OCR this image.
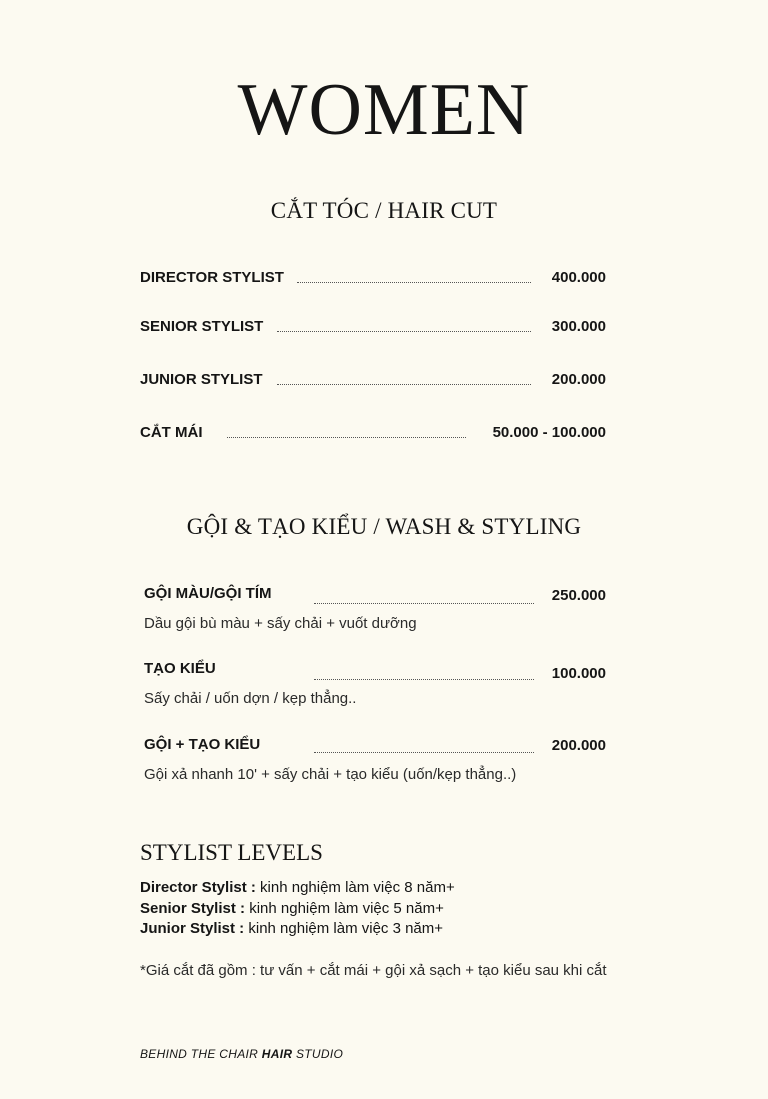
WOMEN
CẮT TÓC / HAIR CUT
DIRECTOR STYLIST	400.000
SENIOR STYLIST	300.000
JUNIOR STYLIST	200.000
CẮT MÁI	50.000 - 100.000
GỘI & TẠO KIỂU / WASH & STYLING
GỘI MÀU/GỘI TÍM	250.000
Dầu gội bù màu + sấy chải + vuốt dưỡng
TẠO KIỂU	100.000
Sấy chải / uốn dợn / kẹp thẳng..
GỘI + TẠO KIỂU	200.000
Gội xả nhanh 10' + sấy chải + tạo kiểu (uốn/kẹp thẳng..)
STYLIST LEVELS
Director Stylist : kinh nghiệm làm việc 8 năm+
Senior Stylist : kinh nghiệm làm việc 5 năm+
Junior Stylist : kinh nghiệm làm việc 3 năm+
*Giá cắt đã gồm : tư vấn + cắt mái + gội xả sạch + tạo kiểu sau khi cắt
BEHIND THE CHAIR HAIR STUDIO
